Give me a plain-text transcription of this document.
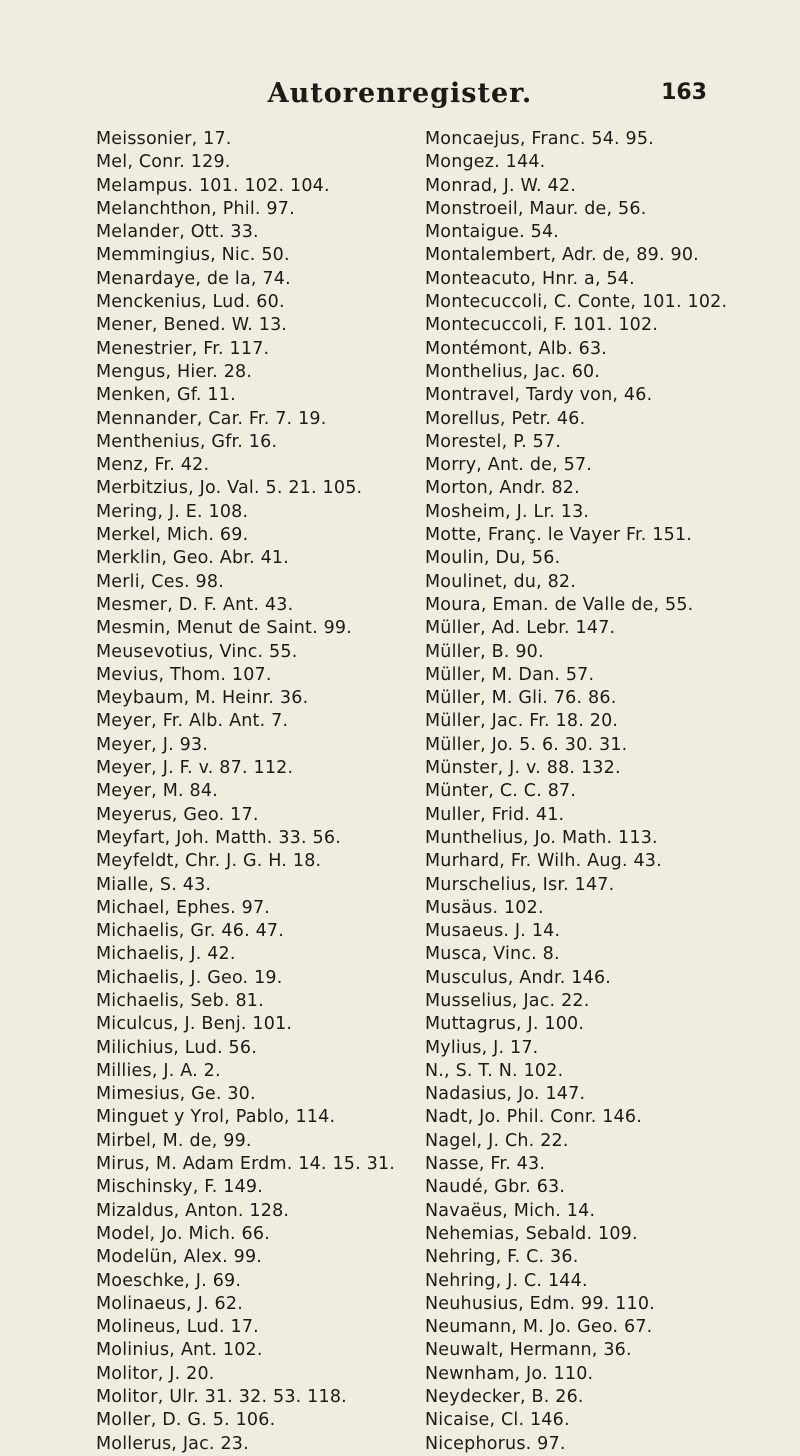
Autorenregister.	163
Meissonier, 17.
Mel, Conr. 129.
Melampus. 101. 102. 104.
Melanchthon, Phil. 97.
Melander, Ott. 33.
Memmingius, Nic. 50.
Menardaye, de la, 74.
Menckenius, Lud. 60.
Mener, Bened. W. 13.
Menestrier, Fr. 117.
Mengus, Hier. 28.
Menken, Gf. 11.
Mennander, Car. Fr. 7. 19.
Menthenius, Gfr. 16.
Menz, Fr. 42.
Merbitzius, Jo. Val. 5. 21. 105.
Mering, J. E. 108.
Merkel, Mich. 69.
Merklin, Geo. Abr. 41.
Merli, Ces. 98.
Mesmer, D. F. Ant. 43.
Mesmin, Menut de Saint. 99.
Meusevotius, Vinc. 55.
Mevius, Thom. 107.
Meybaum, M. Heinr. 36.
Meyer, Fr. Alb. Ant. 7.
Meyer, J. 93.
Meyer, J. F. v. 87. 112.
Meyer, M. 84.
Meyerus, Geo. 17.
Meyfart, Joh. Matth. 33. 56.
Meyfeldt, Chr. J. G. H. 18.
Mialle, S. 43.
Michael, Ephes. 97.
Michaelis, Gr. 46. 47.
Michaelis, J. 42.
Michaelis, J. Geo. 19.
Michaelis, Seb. 81.
Miculcus, J. Benj. 101.
Milichius, Lud. 56.
Millies, J. A. 2.
Mimesius, Ge. 30.
Minguet y Yrol, Pablo, 114.
Mirbel, M. de, 99.
Mirus, M. Adam Erdm. 14. 15. 31.
Mischinsky, F. 149.
Mizaldus, Anton. 128.
Model, Jo. Mich. 66.
Modelün, Alex. 99.
Moeschke, J. 69.
Molinaeus, J. 62.
Molineus, Lud. 17.
Molinius, Ant. 102.
Molitor, J. 20.
Molitor, Ulr. 31. 32. 53. 118.
Moller, D. G. 5. 106.
Mollerus, Jac. 23.
Moncaejus, Franc. 54. 95.
Mongez. 144.
Monrad, J. W. 42.
Monstroeil, Maur. de, 56.
Montaigue. 54.
Montalembert, Adr. de, 89. 90.
Monteacuto, Hnr. a, 54.
Montecuccoli, C. Conte, 101. 102.
Montecuccoli, F. 101. 102.
Montémont, Alb. 63.
Monthelius, Jac. 60.
Montravel, Tardy von, 46.
Morellus, Petr. 46.
Morestel, P. 57.
Morry, Ant. de, 57.
Morton, Andr. 82.
Mosheim, J. Lr. 13.
Motte, Franç. le Vayer Fr. 151.
Moulin, Du, 56.
Moulinet, du, 82.
Moura, Eman. de Valle de, 55.
Müller, Ad. Lebr. 147.
Müller, B. 90.
Müller, M. Dan. 57.
Müller, M. Gli. 76. 86.
Müller, Jac. Fr. 18. 20.
Müller, Jo. 5. 6. 30. 31.
Münster, J. v. 88. 132.
Münter, C. C. 87.
Muller, Frid. 41.
Munthelius, Jo. Math. 113.
Murhard, Fr. Wilh. Aug. 43.
Murschelius, Isr. 147.
Musäus. 102.
Musaeus. J. 14.
Musca, Vinc. 8.
Musculus, Andr. 146.
Musselius, Jac. 22.
Muttagrus, J. 100.
Mylius, J. 17.
N., S. T. N. 102.
Nadasius, Jo. 147.
Nadt, Jo. Phil. Conr. 146.
Nagel, J. Ch. 22.
Nasse, Fr. 43.
Naudé, Gbr. 63.
Navaëus, Mich. 14.
Nehemias, Sebald. 109.
Nehring, F. C. 36.
Nehring, J. C. 144.
Neuhusius, Edm. 99. 110.
Neumann, M. Jo. Geo. 67.
Neuwalt, Hermann, 36.
Newnham, Jo. 110.
Neydecker, B. 26.
Nicaise, Cl. 146.
Nicephorus. 97.
